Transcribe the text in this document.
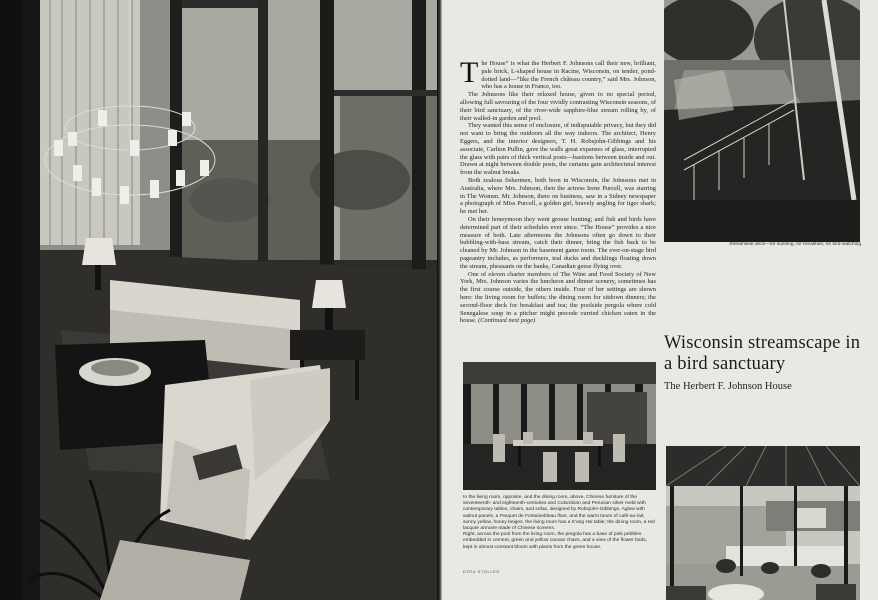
The House” is what the Herbert F. Johnsons call their new, brilliant, pale brick, L-shaped house in Racine, Wisconsin, on tender, pond-dotted land—“like the French château country,” said Mrs. Johnson, who has a house in France, too.

The Johnsons like their relaxed house, given to no special period, allowing full savouring of the four vividly contrasting Wisconsin seasons, of their bird sanctuary, of the river-wide sapphire-blue stream rolling by, of their walled-in garden and pool.

They wanted this sense of enclosure, of indisputable privacy, but they did not want to bring the outdoors all the way indoors. The architect, Henry Eggers, and the interior designers, T. H. Robsjohn-Gibbings and his associate, Carlton Pullin, gave the walls great expanses of glass, interrupted the glass with pairs of thick vertical posts—bastions between inside and out. Drawn at night between double posts, the curtains gain architectural interest from the walnut breaks.

Both zealous fishermen, both born in Wisconsin, the Johnsons met in Australia, where Mrs. Johnson, then the actress Irene Purcell, was starring in The Women. Mr. Johnson, there on business, saw in a Sidney newspaper a photograph of Miss Purcell, a golden girl, bravely angling for tiger shark; he met her.

On their honeymoon they went grouse hunting; and fish and birds have determined part of their schedules ever since. “The House” provides a nice measure of both. Late afternoons the Johnsons often go down to their bubbling-with-bass stream, catch their dinner, bring the fish back to be cleaned by Mr. Johnson in the basement game room. The ever-on-stage bird pageantry includes, as performers, teal ducks and ducklings floating down the stream, pheasants on the banks, Canadian geese flying over.

One of eleven charter members of The Wine and Food Society of New York, Mrs. Johnson varies the luncheon and dinner scenery, sometimes has the first course outside, the others inside. Four of her settings are shown here: the living room for buffets; the dining room for sitdown dinners; the second-floor deck for breakfast and tea; the poolside pergola where cold Senegalese soup in a pitcher might precede curried chicken eaten in the house. (Continued next page)

Streamside deck—for sunning, for breakfast, for bird-watching
Wisconsin streamscape in a bird sanctuary
The Herbert F. Johnson House

In the living room, opposite, and the dining room, above, Chinese furniture of the seventeenth- and eighteenth-centuries and Colombian and Peruvian silver meld with contemporary tables, chairs, and sofas, designed by Robsjohn-Gibbings. Aglow with walnut panels, a Parquet de Fontainebleau floor, and the warm tones of café-au-lait, sunny yellow, honey beiges, the living room has a K'ang Hsi table; the dining room, a red lacquer armoire made of Chinese screens.

Right, across the pool from the living room, the pergola has a base of pink pebbles embedded in cement, green and yellow canvas chairs, and a view of the flower beds, kept in almost constant bloom with plants from the green house.

EZRA STOLLER
